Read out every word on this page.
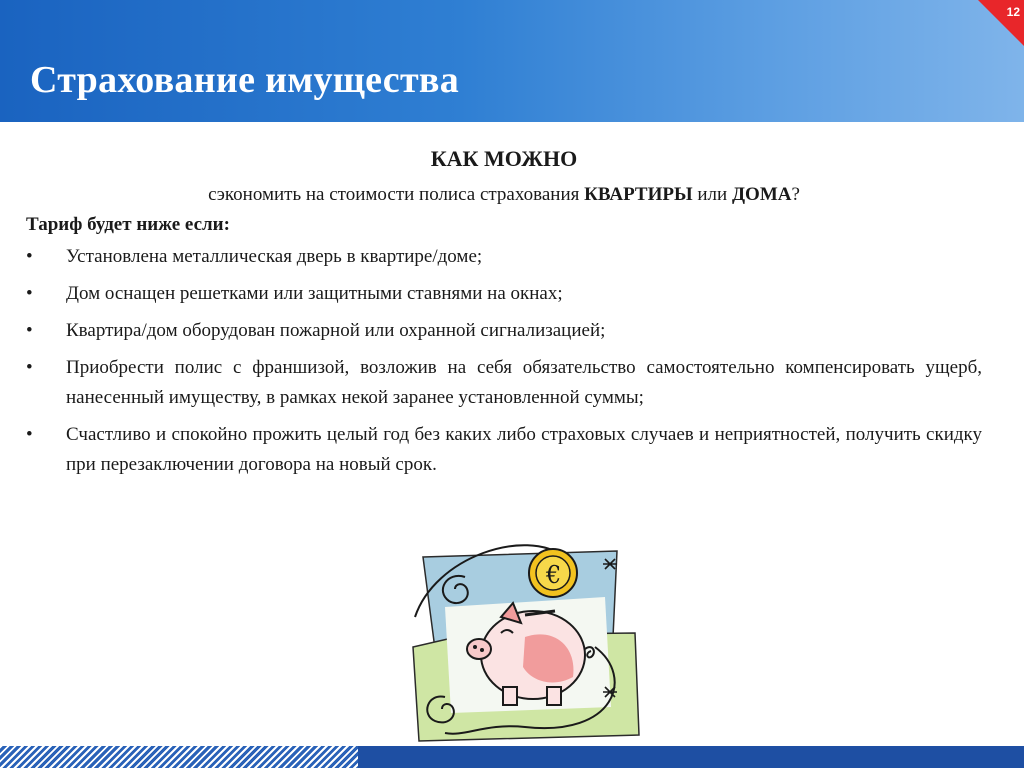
Страхование имущества
12
КАК МОЖНО
сэкономить на стоимости полиса страхования КВАРТИРЫ или ДОМА?
Тариф будет ниже если:
• Установлена металлическая дверь в квартире/доме;
• Дом оснащен решетками или защитными ставнями на окнах;
• Квартира/дом оборудован пожарной или охранной сигнализацией;
• Приобрести полис с франшизой, возложив на себя обязательство самостоятельно компенсировать ущерб, нанесенный имуществу, в рамках некой заранее установленной суммы;
• Счастливо и спокойно прожить целый год без каких либо страховых случаев и неприятностей, получить скидку при перезаключении договора на новый срок.
€
